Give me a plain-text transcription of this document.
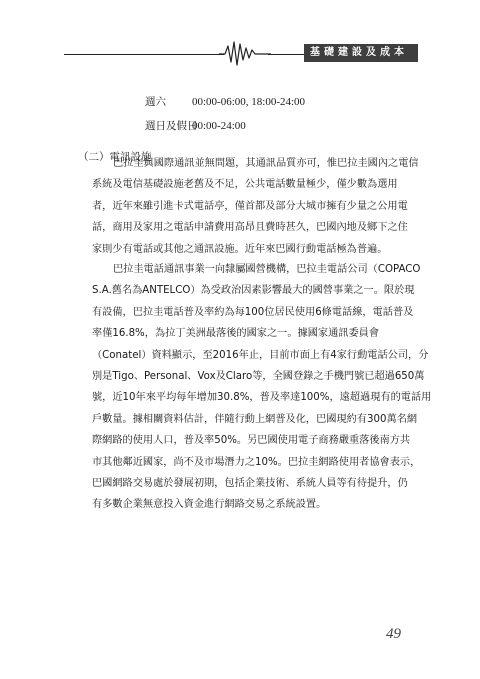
基礎建設及成本
週六 00:00-06:00, 18:00-24:00
週日及假日
00:00-24:00
（二）電訊設施
巴拉圭與國際通訊並無問題，其通訊品質亦可，惟巴拉圭國內之電信
系統及電信基礎設施老舊及不足，公共電話數量極少，僅少數為選用
者，近年來雖引進卡式電話亭，僅首都及部分大城市擁有少量之公用電
話，商用及家用之電話申請費用高昂且費時甚久，巴國內地及鄉下之住
家則少有電話或其他之通訊設施。近年來巴國行動電話極為普遍。
巴拉圭電話通訊事業一向隸屬國營機構，巴拉圭電話公司（COPACO
S.A.舊名為ANTELCO）為受政治因素影響最大的國營事業之一。限於現
有設備，巴拉圭電話普及率約為每100位居民使用6條電話線，電話普及
率僅16.8%，為拉丁美洲最落後的國家之一。據國家通訊委員會
（Conatel）資料顯示，至2016年止，目前市面上有4家行動電話公司，分
別是Tigo、Personal、Vox及Claro等，全國登錄之手機門號已超過650萬
號，近10年來平均每年增加30.8%，普及率達100%，遠超過現有的電話用
戶數量。據相關資料估計，伴隨行動上網普及化，巴國現約有300萬名網
際網路的使用人口，普及率50%。另巴國使用電子商務嚴重落後南方共
市其他鄰近國家，尚不及市場潛力之10%。巴拉圭網路使用者協會表示，
巴國網路交易處於發展初期，包括企業技術、系統人員等有待提升，仍
有多數企業無意投入資金進行網路交易之系統設置。
49
